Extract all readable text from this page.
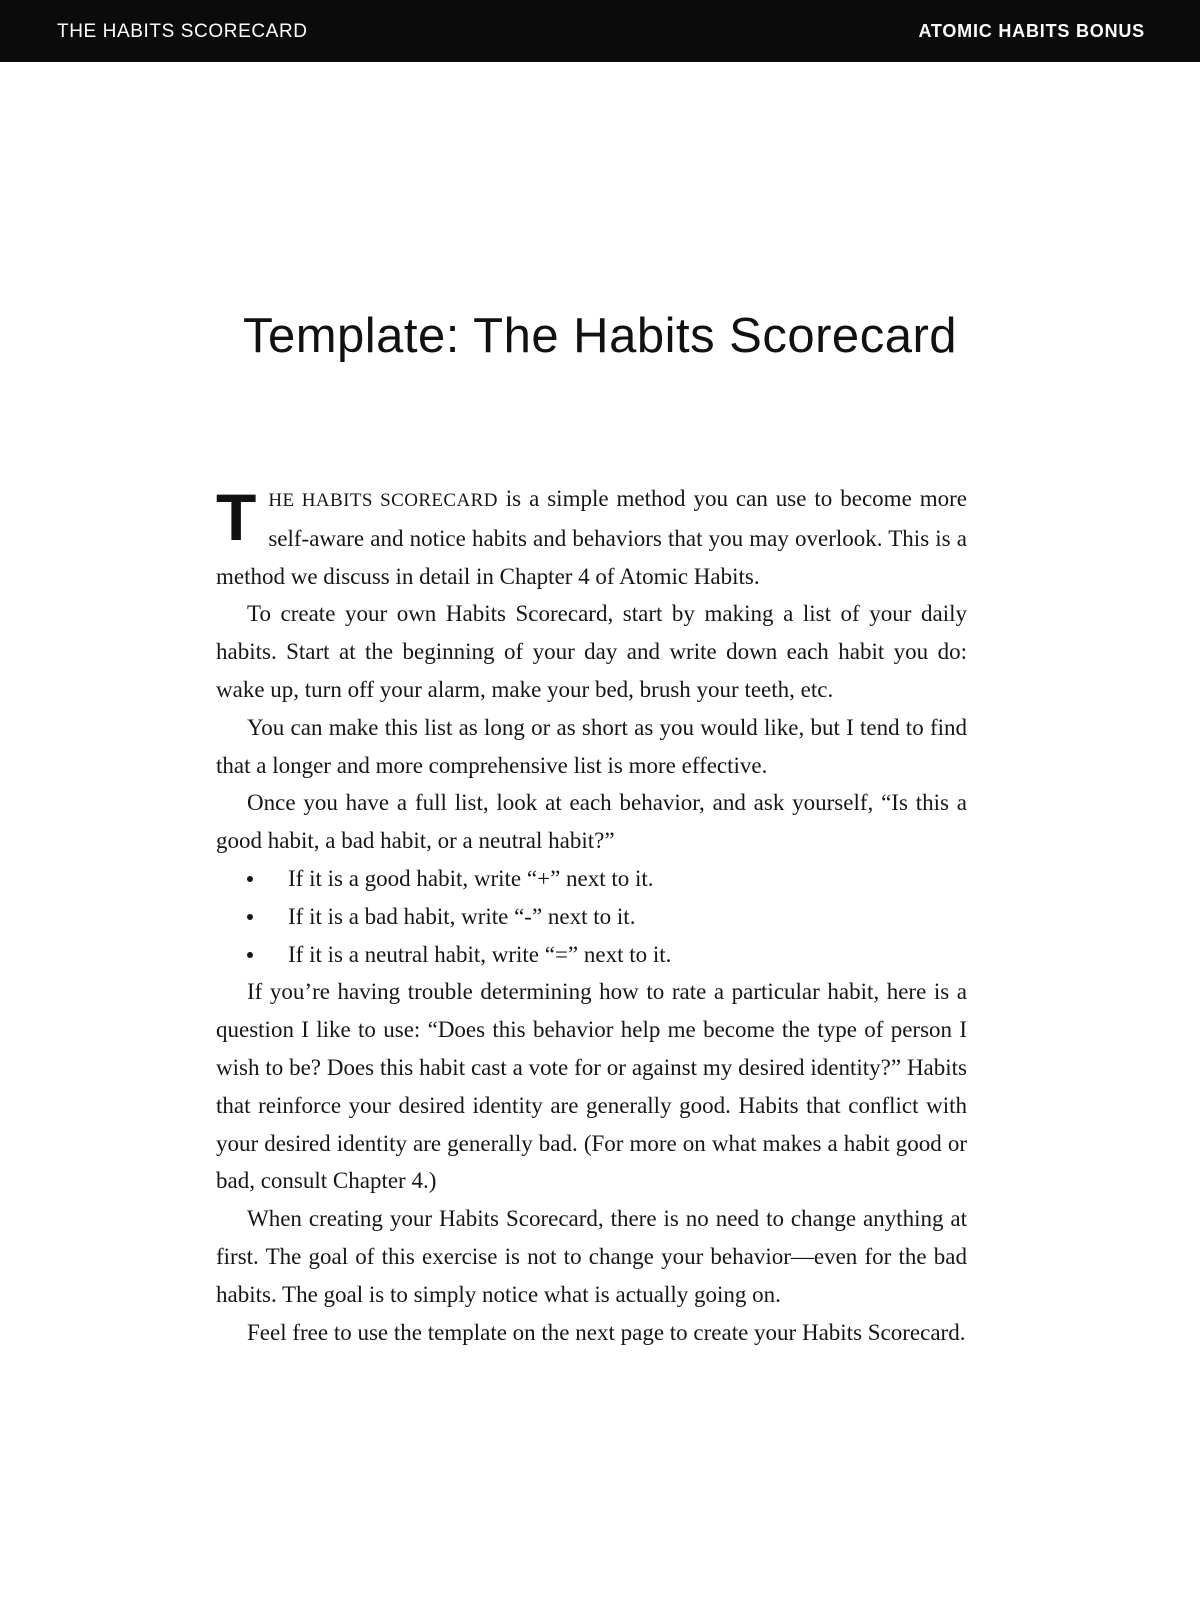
THE HABITS SCORECARD	ATOMIC HABITS BONUS
Template: The Habits Scorecard

THE HABITS SCORECARD is a simple method you can use to become more self-aware and notice habits and behaviors that you may overlook. This is a method we discuss in detail in Chapter 4 of Atomic Habits.

To create your own Habits Scorecard, start by making a list of your daily habits. Start at the beginning of your day and write down each habit you do: wake up, turn off your alarm, make your bed, brush your teeth, etc.

You can make this list as long or as short as you would like, but I tend to find that a longer and more comprehensive list is more effective.

Once you have a full list, look at each behavior, and ask yourself, “Is this a good habit, a bad habit, or a neutral habit?”

If it is a good habit, write “+” next to it.
If it is a bad habit, write “-” next to it.
If it is a neutral habit, write “=” next to it.

If you’re having trouble determining how to rate a particular habit, here is a question I like to use: “Does this behavior help me become the type of person I wish to be? Does this habit cast a vote for or against my desired identity?” Habits that reinforce your desired identity are generally good. Habits that conflict with your desired identity are generally bad. (For more on what makes a habit good or bad, consult Chapter 4.)

When creating your Habits Scorecard, there is no need to change anything at first. The goal of this exercise is not to change your behavior—even for the bad habits. The goal is to simply notice what is actually going on.

Feel free to use the template on the next page to create your Habits Scorecard.
